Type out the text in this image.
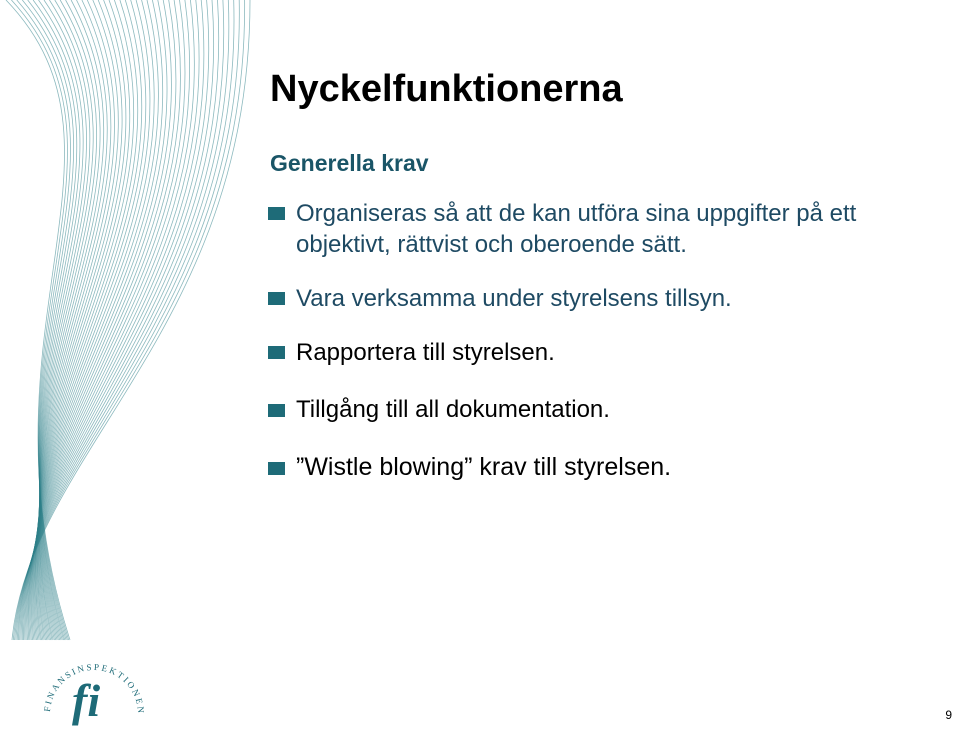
Nyckelfunktionerna
Generella krav
Organiseras så att de kan utföra sina uppgifter på ett objektivt, rättvist och oberoende sätt.
Vara verksamma under styrelsens tillsyn.
Rapportera till styrelsen.
Tillgång till all dokumentation.
”Wistle blowing” krav till styrelsen.
FINANSINSPEKTIONEN
fi	9
